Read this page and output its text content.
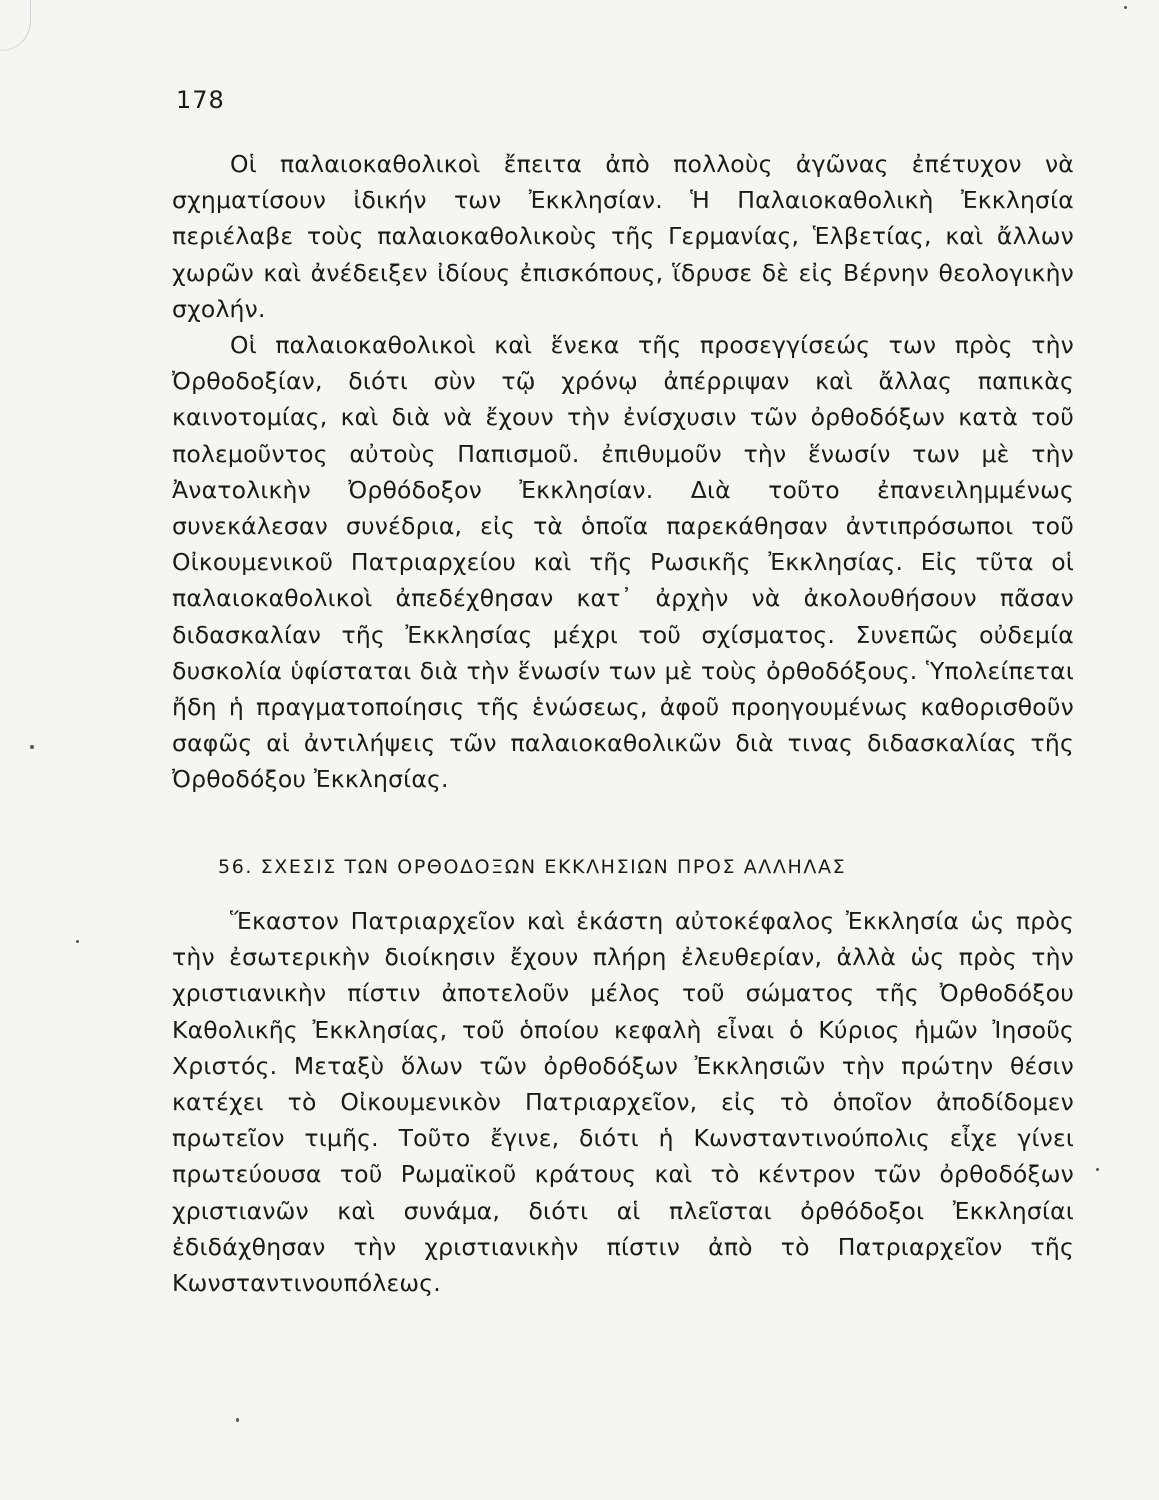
178

Οἱ παλαιοκαθολικοὶ ἔπειτα ἀπὸ πολλοὺς ἀγῶνας ἐπέτυχον νὰ σχηματίσουν ἰδικήν των Ἐκκλησίαν. Ἡ Παλαιοκαθολικὴ Ἐκκλησία περιέλαβε τοὺς παλαιοκαθολικοὺς τῆς Γερμανίας, Ἑλβετίας, καὶ ἄλλων χωρῶν καὶ ἀνέδειξεν ἰδίους ἐπισκόπους, ἵδρυσε δὲ εἰς Βέρνην θεολογικὴν σχολήν.

Οἱ παλαιοκαθολικοὶ καὶ ἕνεκα τῆς προσεγγίσεώς των πρὸς τὴν Ὀρθοδοξίαν, διότι σὺν τῷ χρόνῳ ἀπέρριψαν καὶ ἄλλας παπικὰς καινοτομίας, καὶ διὰ νὰ ἔχουν τὴν ἐνίσχυσιν τῶν ὀρθοδόξων κατὰ τοῦ πολεμοῦντος αὐτοὺς Παπισμοῦ. ἐπιθυμοῦν τὴν ἕνωσίν των μὲ τὴν Ἀνατολικὴν Ὀρθόδοξον Ἐκκλησίαν. Διὰ τοῦτο ἐπανειλημμένως συνεκάλεσαν συνέδρια, εἰς τὰ ὁποῖα παρεκάθησαν ἀντιπρόσωποι τοῦ Οἰκουμενικοῦ Πατριαρχείου καὶ τῆς Ρωσικῆς Ἐκκλησίας. Εἰς τῦτα οἱ παλαιοκαθολικοὶ ἀπεδέχθησαν κατ᾽ ἀρχὴν νὰ ἀκολουθήσουν πᾶσαν διδασκαλίαν τῆς Ἐκκλησίας μέχρι τοῦ σχίσματος. Συνεπῶς οὐδεμία δυσκολία ὑφίσταται διὰ τὴν ἕνωσίν των μὲ τοὺς ὀρθοδόξους. Ὑπολείπεται ἤδη ἡ πραγματοποίησις τῆς ἑνώσεως, ἀφοῦ προηγουμένως καθορισθοῦν σαφῶς αἱ ἀντιλήψεις τῶν παλαιοκαθολικῶν διὰ τινας διδασκαλίας τῆς Ὀρθοδόξου Ἐκκλησίας.

56. ΣΧΕΣΙΣ ΤΩΝ ΟΡΘΟΔΟΞΩΝ ΕΚΚΛΗΣΙΩΝ ΠΡΟΣ ΑΛΛΗΛΑΣ

Ἕκαστον Πατριαρχεῖον καὶ ἑκάστη αὐτοκέφαλος Ἐκκλησία ὡς πρὸς τὴν ἐσωτερικὴν διοίκησιν ἔχουν πλήρη ἐλευθερίαν, ἀλλὰ ὡς πρὸς τὴν χριστιανικὴν πίστιν ἀποτελοῦν μέλος τοῦ σώματος τῆς Ὀρθοδόξου Καθολικῆς Ἐκκλησίας, τοῦ ὁποίου κεφαλὴ εἶναι ὁ Κύριος ἡμῶν Ἰησοῦς Χριστός. Μεταξὺ ὅλων τῶν ὀρθοδόξων Ἐκκλησιῶν τὴν πρώτην θέσιν κατέχει τὸ Οἰκουμενικὸν Πατριαρχεῖον, εἰς τὸ ὁποῖον ἀποδίδομεν πρωτεῖον τιμῆς. Τοῦτο ἔγινε, διότι ἡ Κωνσταντινούπολις εἶχε γίνει πρωτεύουσα τοῦ Ρωμαϊκοῦ κράτους καὶ τὸ κέντρον τῶν ὀρθοδόξων χριστιανῶν καὶ συνάμα, διότι αἱ πλεῖσται ὀρθόδοξοι Ἐκκλησίαι ἐδιδάχθησαν τὴν χριστιανικὴν πίστιν ἀπὸ τὸ Πατριαρχεῖον τῆς Κωνσταντινουπόλεως.
